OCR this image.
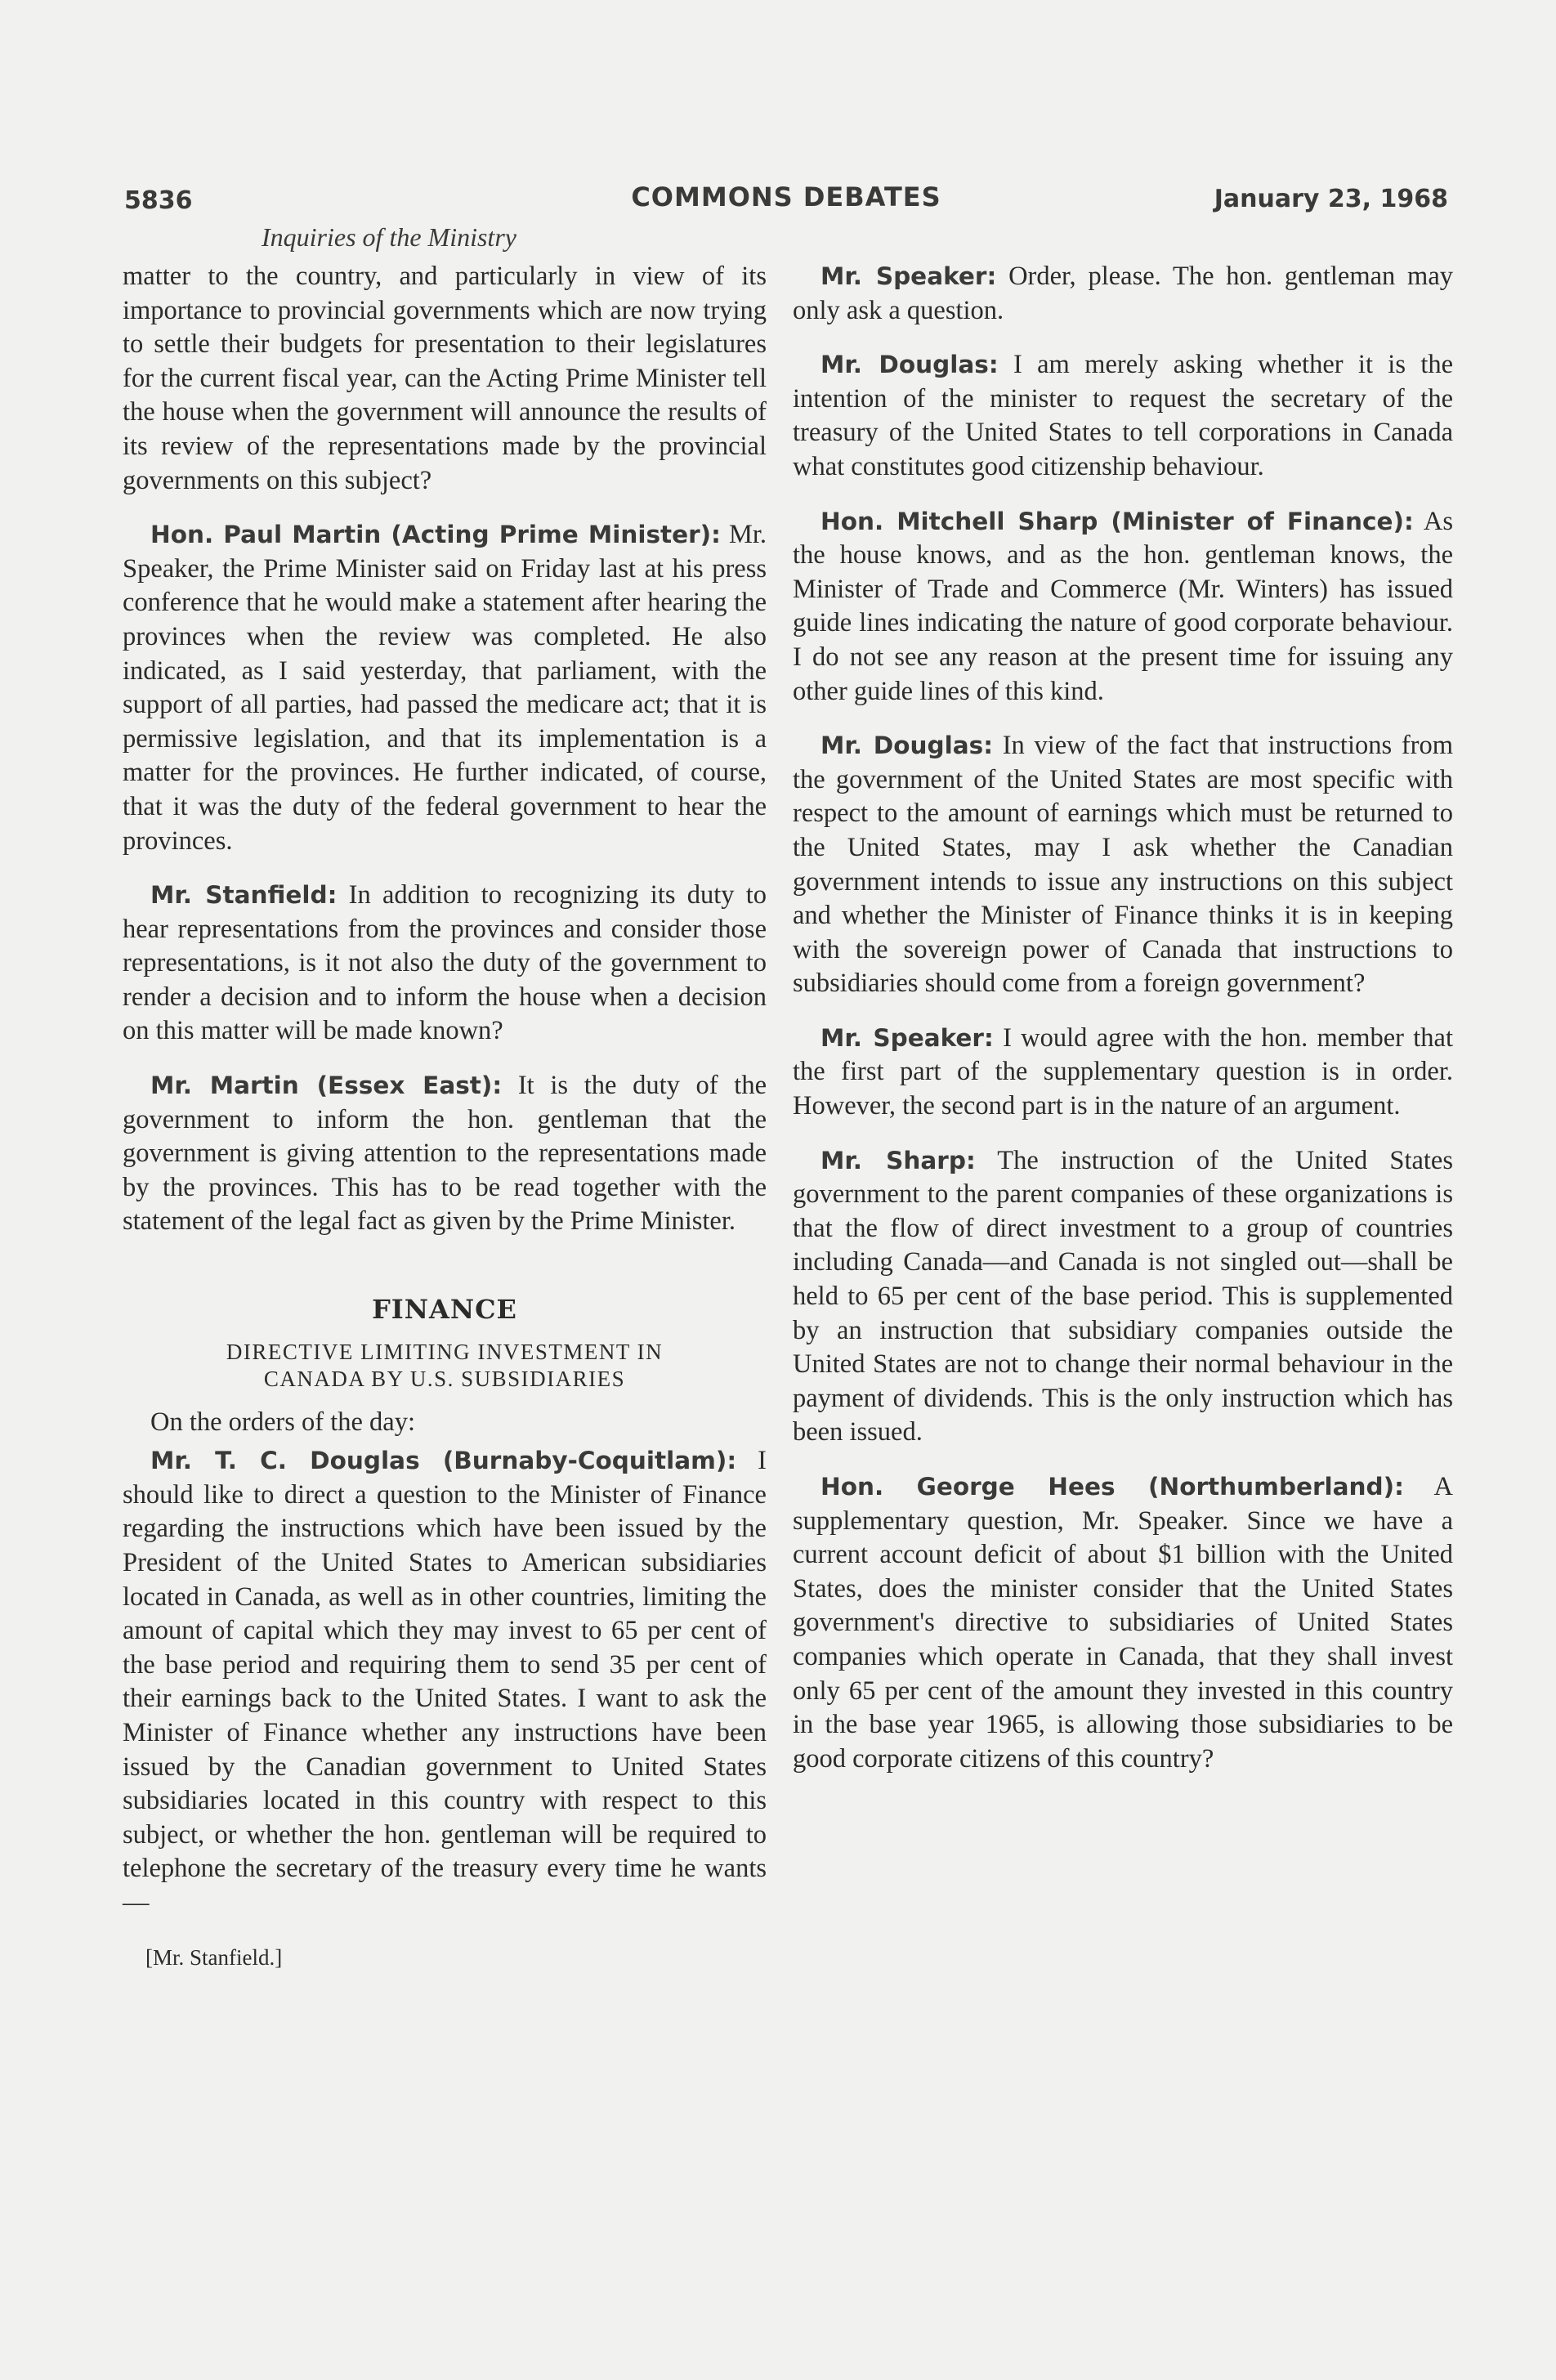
5836	COMMONS DEBATES	January 23, 1968
Inquiries of the Ministry

matter to the country, and particularly in view of its importance to provincial governments which are now trying to settle their budgets for presentation to their legislatures for the current fiscal year, can the Acting Prime Minister tell the house when the government will announce the results of its review of the representations made by the provincial governments on this subject?

Hon. Paul Martin (Acting Prime Minister): Mr. Speaker, the Prime Minister said on Friday last at his press conference that he would make a statement after hearing the provinces when the review was completed. He also indicated, as I said yesterday, that parliament, with the support of all parties, had passed the medicare act; that it is permissive legislation, and that its implementation is a matter for the provinces. He further indicated, of course, that it was the duty of the federal government to hear the provinces.

Mr. Stanfield: In addition to recognizing its duty to hear representations from the provinces and consider those representations, is it not also the duty of the government to render a decision and to inform the house when a decision on this matter will be made known?

Mr. Martin (Essex East): It is the duty of the government to inform the hon. gentleman that the government is giving attention to the representations made by the provinces. This has to be read together with the statement of the legal fact as given by the Prime Minister.

FINANCE
DIRECTIVE LIMITING INVESTMENT IN
CANADA BY U.S. SUBSIDIARIES

On the orders of the day:

Mr. T. C. Douglas (Burnaby-Coquitlam): I should like to direct a question to the Minister of Finance regarding the instructions which have been issued by the President of the United States to American subsidiaries located in Canada, as well as in other countries, limiting the amount of capital which they may invest to 65 per cent of the base period and requiring them to send 35 per cent of their earnings back to the United States. I want to ask the Minister of Finance whether any instructions have been issued by the Canadian government to United States subsidiaries located in this country with respect to this subject, or whether the hon. gentleman will be required to telephone the secretary of the treasury every time he wants—

[Mr. Stanfield.]

Mr. Speaker: Order, please. The hon. gentleman may only ask a question.

Mr. Douglas: I am merely asking whether it is the intention of the minister to request the secretary of the treasury of the United States to tell corporations in Canada what constitutes good citizenship behaviour.

Hon. Mitchell Sharp (Minister of Finance): As the house knows, and as the hon. gentleman knows, the Minister of Trade and Commerce (Mr. Winters) has issued guide lines indicating the nature of good corporate behaviour. I do not see any reason at the present time for issuing any other guide lines of this kind.

Mr. Douglas: In view of the fact that instructions from the government of the United States are most specific with respect to the amount of earnings which must be returned to the United States, may I ask whether the Canadian government intends to issue any instructions on this subject and whether the Minister of Finance thinks it is in keeping with the sovereign power of Canada that instructions to subsidiaries should come from a foreign government?

Mr. Speaker: I would agree with the hon. member that the first part of the supplementary question is in order. However, the second part is in the nature of an argument.

Mr. Sharp: The instruction of the United States government to the parent companies of these organizations is that the flow of direct investment to a group of countries including Canada—and Canada is not singled out—shall be held to 65 per cent of the base period. This is supplemented by an instruction that subsidiary companies outside the United States are not to change their normal behaviour in the payment of dividends. This is the only instruction which has been issued.

Hon. George Hees (Northumberland): A supplementary question, Mr. Speaker. Since we have a current account deficit of about $1 billion with the United States, does the minister consider that the United States government's directive to subsidiaries of United States companies which operate in Canada, that they shall invest only 65 per cent of the amount they invested in this country in the base year 1965, is allowing those subsidiaries to be good corporate citizens of this country?
